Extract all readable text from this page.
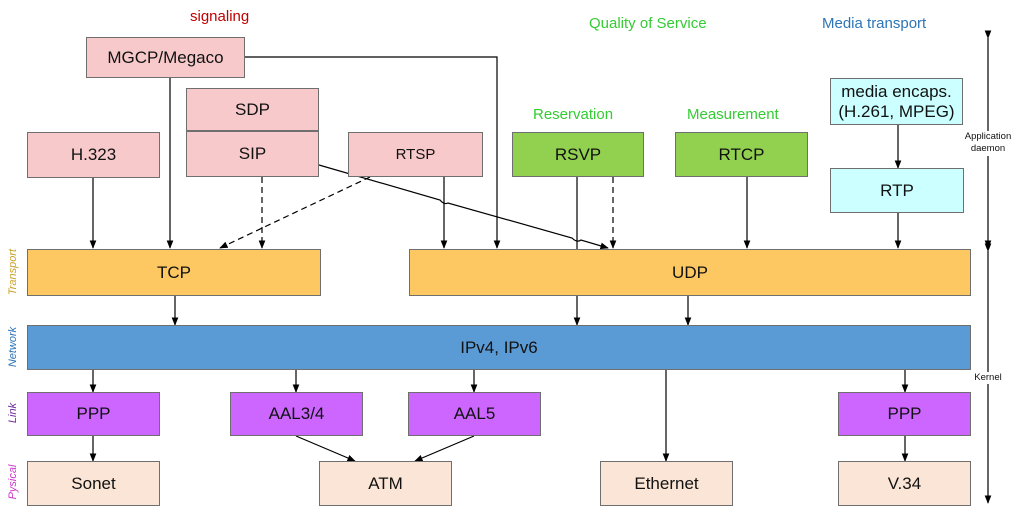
signaling	Quality of Service	Media transport
Reservation	Measurement
Transport
Network
Link
Pysical
Application daemon
Kernel
MGCP/Megaco
SDP
SIP
H.323	RTSP	RSVP	RTCP
media encaps. (H.261, MPEG)
RTP
TCP	UDP
IPv4, IPv6
PPP	AAL3/4	AAL5	PPP
Sonet	ATM	Ethernet	V.34
